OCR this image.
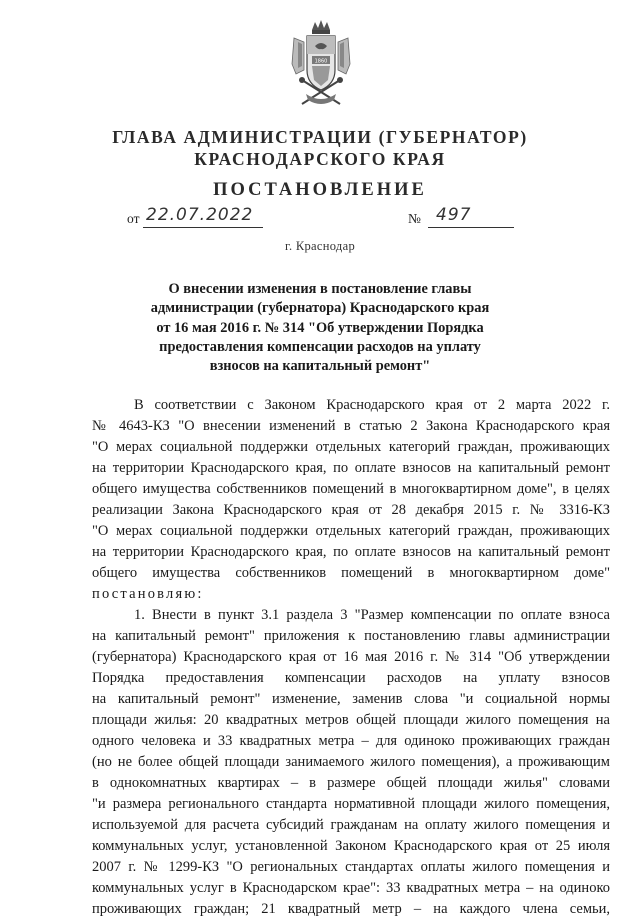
1860
ГЛАВА АДМИНИСТРАЦИИ (ГУБЕРНАТОР)
КРАСНОДАРСКОГО КРАЯ
ПОСТАНОВЛЕНИЕ
от 22.07.2022	№ 497
г. Краснодар
О внесении изменения в постановление главы
администрации (губернатора) Краснодарского края
от 16 мая 2016 г. № 314 "Об утверждении Порядка
предоставления компенсации расходов на уплату
взносов на капитальный ремонт"
В соответствии с Законом Краснодарского края от 2 марта 2022 г.
№ 4643-КЗ "О внесении изменений в статью 2 Закона Краснодарского края
"О мерах социальной поддержки отдельных категорий граждан, проживающих
на территории Краснодарского края, по оплате взносов на капитальный ремонт
общего имущества собственников помещений в многоквартирном доме", в целях
реализации Закона Краснодарского края от 28 декабря 2015 г. № 3316-КЗ
"О мерах социальной поддержки отдельных категорий граждан, проживающих
на территории Краснодарского края, по оплате взносов на капитальный ремонт
общего имущества собственников помещений в многоквартирном доме"
постановляю:
1. Внести в пункт 3.1 раздела 3 "Размер компенсации по оплате взноса
на капитальный ремонт" приложения к постановлению главы администрации
(губернатора) Краснодарского края от 16 мая 2016 г. № 314 "Об утверждении
Порядка предоставления компенсации расходов на уплату взносов
на капитальный ремонт" изменение, заменив слова "и социальной нормы
площади жилья: 20 квадратных метров общей площади жилого помещения на
одного человека и 33 квадратных метра – для одиноко проживающих граждан
(но не более общей площади занимаемого жилого помещения), а проживающим
в однокомнатных квартирах – в размере общей площади жилья" словами
"и размера регионального стандарта нормативной площади жилого помещения,
используемой для расчета субсидий гражданам на оплату жилого помещения и
коммунальных услуг, установленной Законом Краснодарского края от 25 июля
2007 г. № 1299-КЗ "О региональных стандартах оплаты жилого помещения и
коммунальных услуг в Краснодарском крае": 33 квадратных метра – на одиноко
проживающих граждан; 21 квадратный метр – на каждого члена семьи,
